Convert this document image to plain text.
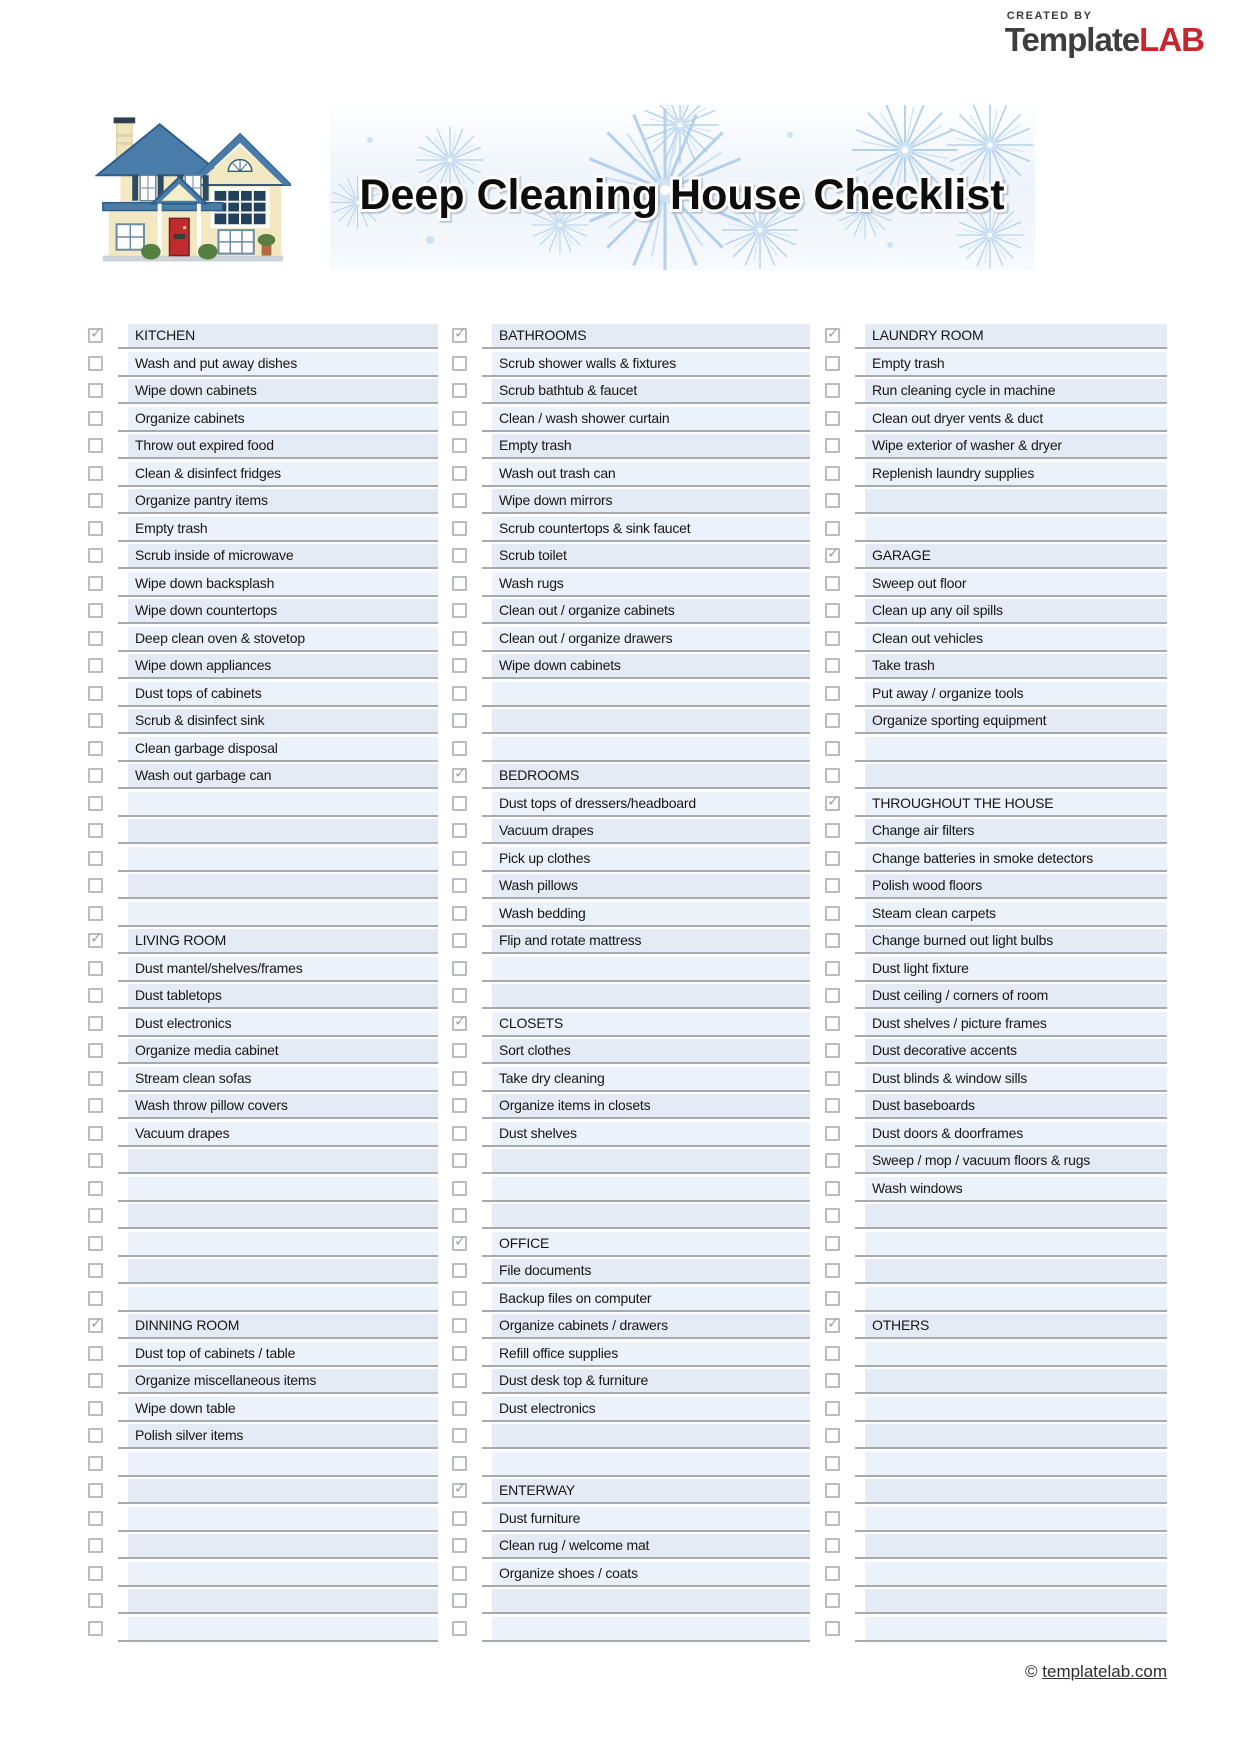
CREATED BY
TemplateLAB
Deep Cleaning House Checklist
✓	KITCHEN
Wash and put away dishes
Wipe down cabinets
Organize cabinets
Throw out expired food
Clean & disinfect fridges
Organize pantry items
Empty trash
Scrub inside of microwave
Wipe down backsplash
Wipe down countertops
Deep clean oven & stovetop
Wipe down appliances
Dust tops of cabinets
Scrub & disinfect sink
Clean garbage disposal
Wash out garbage can
✓	LIVING ROOM
Dust mantel/shelves/frames
Dust tabletops
Dust electronics
Organize media cabinet
Stream clean sofas
Wash throw pillow covers
Vacuum drapes
✓	DINNING ROOM
Dust top of cabinets / table
Organize miscellaneous items
Wipe down table
Polish silver items
✓	BATHROOMS
Scrub shower walls & fixtures
Scrub bathtub & faucet
Clean / wash shower curtain
Empty trash
Wash out trash can
Wipe down mirrors
Scrub countertops & sink faucet
Scrub toilet
Wash rugs
Clean out / organize cabinets
Clean out / organize drawers
Wipe down cabinets
✓	BEDROOMS
Dust tops of dressers/headboard
Vacuum drapes
Pick up clothes
Wash pillows
Wash bedding
Flip and rotate mattress
✓	CLOSETS
Sort clothes
Take dry cleaning
Organize items in closets
Dust shelves
✓	OFFICE
File documents
Backup files on computer
Organize cabinets / drawers
Refill office supplies
Dust desk top & furniture
Dust electronics
✓	ENTERWAY
Dust furniture
Clean rug / welcome mat
Organize shoes / coats
✓	LAUNDRY ROOM
Empty trash
Run cleaning cycle in machine
Clean out dryer vents & duct
Wipe exterior of washer & dryer
Replenish laundry supplies
✓	GARAGE
Sweep out floor
Clean up any oil spills
Clean out vehicles
Take trash
Put away / organize tools
Organize sporting equipment
✓	THROUGHOUT THE HOUSE
Change air filters
Change batteries in smoke detectors
Polish wood floors
Steam clean carpets
Change burned out light bulbs
Dust light fixture
Dust ceiling / corners of room
Dust shelves / picture frames
Dust decorative accents
Dust blinds & window sills
Dust baseboards
Dust doors & doorframes
Sweep / mop / vacuum floors & rugs
Wash windows
✓	OTHERS
© templatelab.com
